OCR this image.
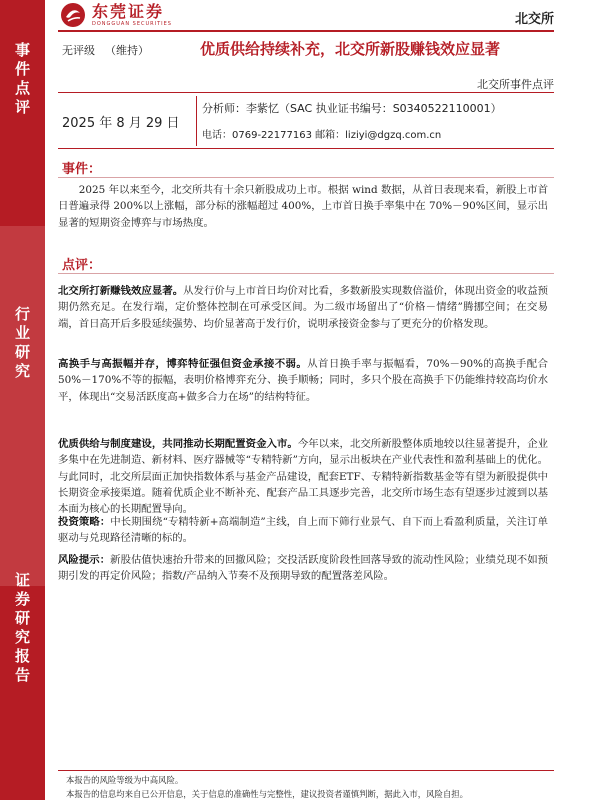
事件点评
行业研究
证券研究报告
东莞证券
DONGGUAN SECURITIES	北交所
无评级 （维持）	优质供给持续补充，北交所新股赚钱效应显著
北交所事件点评
2025 年 8 月 29 日
分析师：李紫忆（SAC 执业证书编号：S0340522110001）
电话：0769-22177163 邮箱：liziyi@dgzq.com.cn
事件：
2025 年以来至今，北交所共有十余只新股成功上市。根据 wind 数据，从首日表现来看，新股上市首日普遍录得 200%以上涨幅，部分标的涨幅超过 400%，上市首日换手率集中在 70%－90%区间，显示出显著的短期资金博弈与市场热度。
点评：
北交所打新赚钱效应显著。从发行价与上市首日均价对比看，多数新股实现数倍溢价，体现出资金的收益预期仍然充足。在发行端，定价整体控制在可承受区间。为二级市场留出了“价格－情绪”腾挪空间；在交易端，首日高开后多股延续强势、均价显著高于发行价，说明承接资金参与了更充分的价格发现。
高换手与高振幅并存，博弈特征强但资金承接不弱。从首日换手率与振幅看，70%－90%的高换手配合 50%－170%不等的振幅，表明价格博弈充分、换手顺畅；同时，多只个股在高换手下仍能维持较高均价水平，体现出“交易活跃度高+做多合力在场”的结构特征。
优质供给与制度建设，共同推动长期配置资金入市。今年以来，北交所新股整体质地较以往显著提升，企业多集中在先进制造、新材料、医疗器械等“专精特新”方向，显示出板块在产业代表性和盈利基础上的优化。与此同时，北交所层面正加快指数体系与基金产品建设，配套ETF、专精特新指数基金等有望为新股提供中长期资金承接渠道。随着优质企业不断补充、配套产品工具逐步完善，北交所市场生态有望逐步过渡到以基本面为核心的长期配置导向。
投资策略：中长期围绕“专精特新+高端制造”主线，自上而下筛行业景气、自下而上看盈利质量，关注订单驱动与兑现路径清晰的标的。
风险提示：新股估值快速抬升带来的回撤风险；交投活跃度阶段性回落导致的流动性风险；业绩兑现不如预期引发的再定价风险；指数/产品纳入节奏不及预期导致的配置落差风险。
本报告的风险等级为中高风险。
本报告的信息均来自已公开信息，关于信息的准确性与完整性，建议投资者谨慎判断，据此入市，风险自担。
